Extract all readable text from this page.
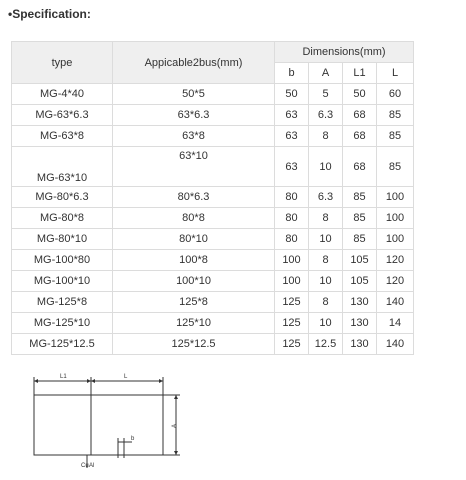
•Specification:
type	Appicable2bus(mm)	Dimensions(mm)			
		b	A	L1	L
MG-4*40	50*5	50	5	50	60
MG-63*6.3	63*6.3	63	6.3	68	85
MG-63*8	63*8	63	8	68	85
MG-63*10	63*10	63	10	68	85
MG-80*6.3	80*6.3	80	6.3	85	100
MG-80*8	80*8	80	8	85	100
MG-80*10	80*10	80	10	85	100
MG-100*80	100*8	100	8	105	120
MG-100*10	100*10	100	10	105	120
MG-125*8	125*8	125	8	130	140
MG-125*10	125*10	125	10	130	14
MG-125*12.5	125*12.5	125	12.5	130	140
L1	L
A
b
Cu Al
